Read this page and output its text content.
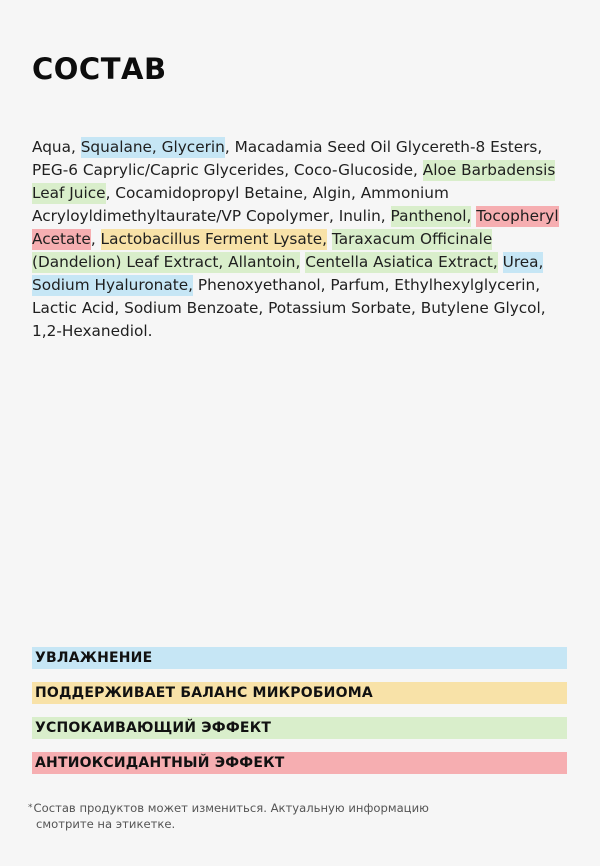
СОСТАВ

Aqua, Squalane, Glycerin, Macadamia Seed Oil Glycereth-8 Esters, PEG-6 Caprylic/Capric Glycerides, Coco-Glucoside, Aloe Barbadensis Leaf Juice, Cocamidopropyl Betaine, Algin, Ammonium Acryloyldimethyltaurate/VP Copolymer, Inulin, Panthenol, Tocopheryl Acetate, Lactobacillus Ferment Lysate, Taraxacum Officinale (Dandelion) Leaf Extract, Allantoin, Centella Asiatica Extract, Urea, Sodium Hyaluronate, Phenoxyethanol, Parfum, Ethylhexylglycerin, Lactic Acid, Sodium Benzoate, Potassium Sorbate, Butylene Glycol, 1,2-Hexanediol.

УВЛАЖНЕНИЕ
ПОДДЕРЖИВАЕТ БАЛАНС МИКРОБИОМА
УСПОКАИВАЮЩИЙ ЭФФЕКТ
АНТИОКСИДАНТНЫЙ ЭФФЕКТ

*Состав продуктов может измениться. Актуальную информацию
смотрите на этикетке.
